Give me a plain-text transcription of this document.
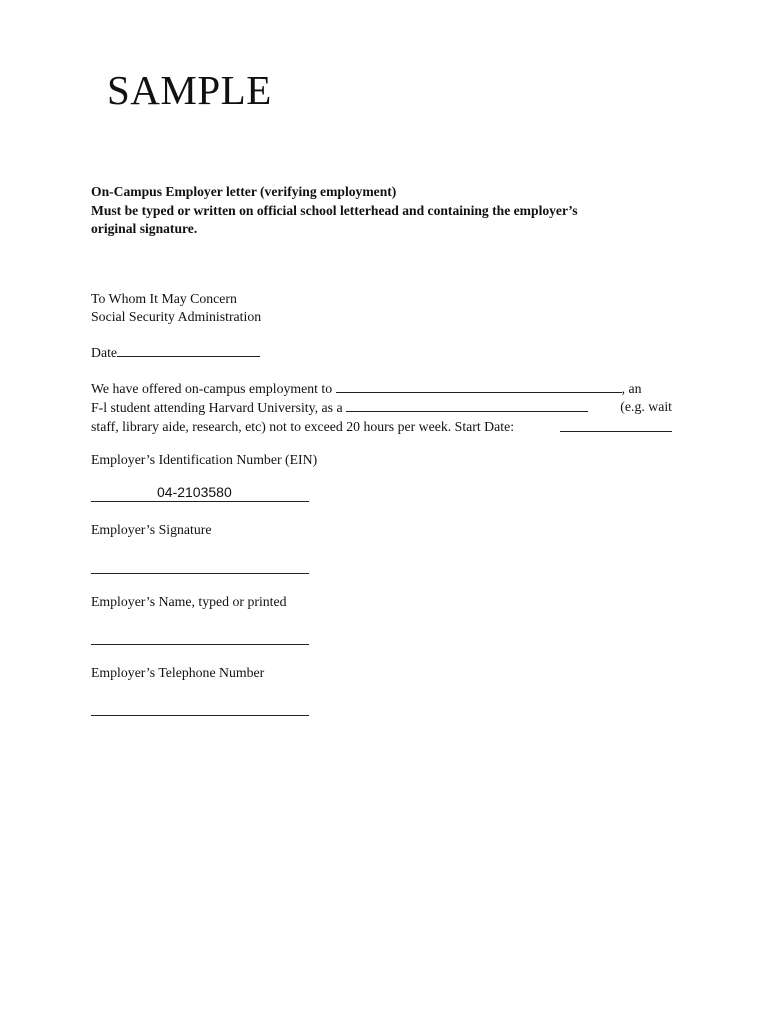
SAMPLE
On-Campus Employer letter (verifying employment)
Must be typed or written on official school letterhead and containing the employer’s
original signature.
To Whom It May Concern
Social Security Administration
Date
We have offered on-campus employment to	, an
F-l student attending Harvard University, as a	(e.g. wait
staff, library aide, research, etc) not to exceed 20 hours per week. Start Date:
Employer’s Identification Number (EIN)
04-2103580
Employer’s Signature
Employer’s Name, typed or printed
Employer’s Telephone Number
